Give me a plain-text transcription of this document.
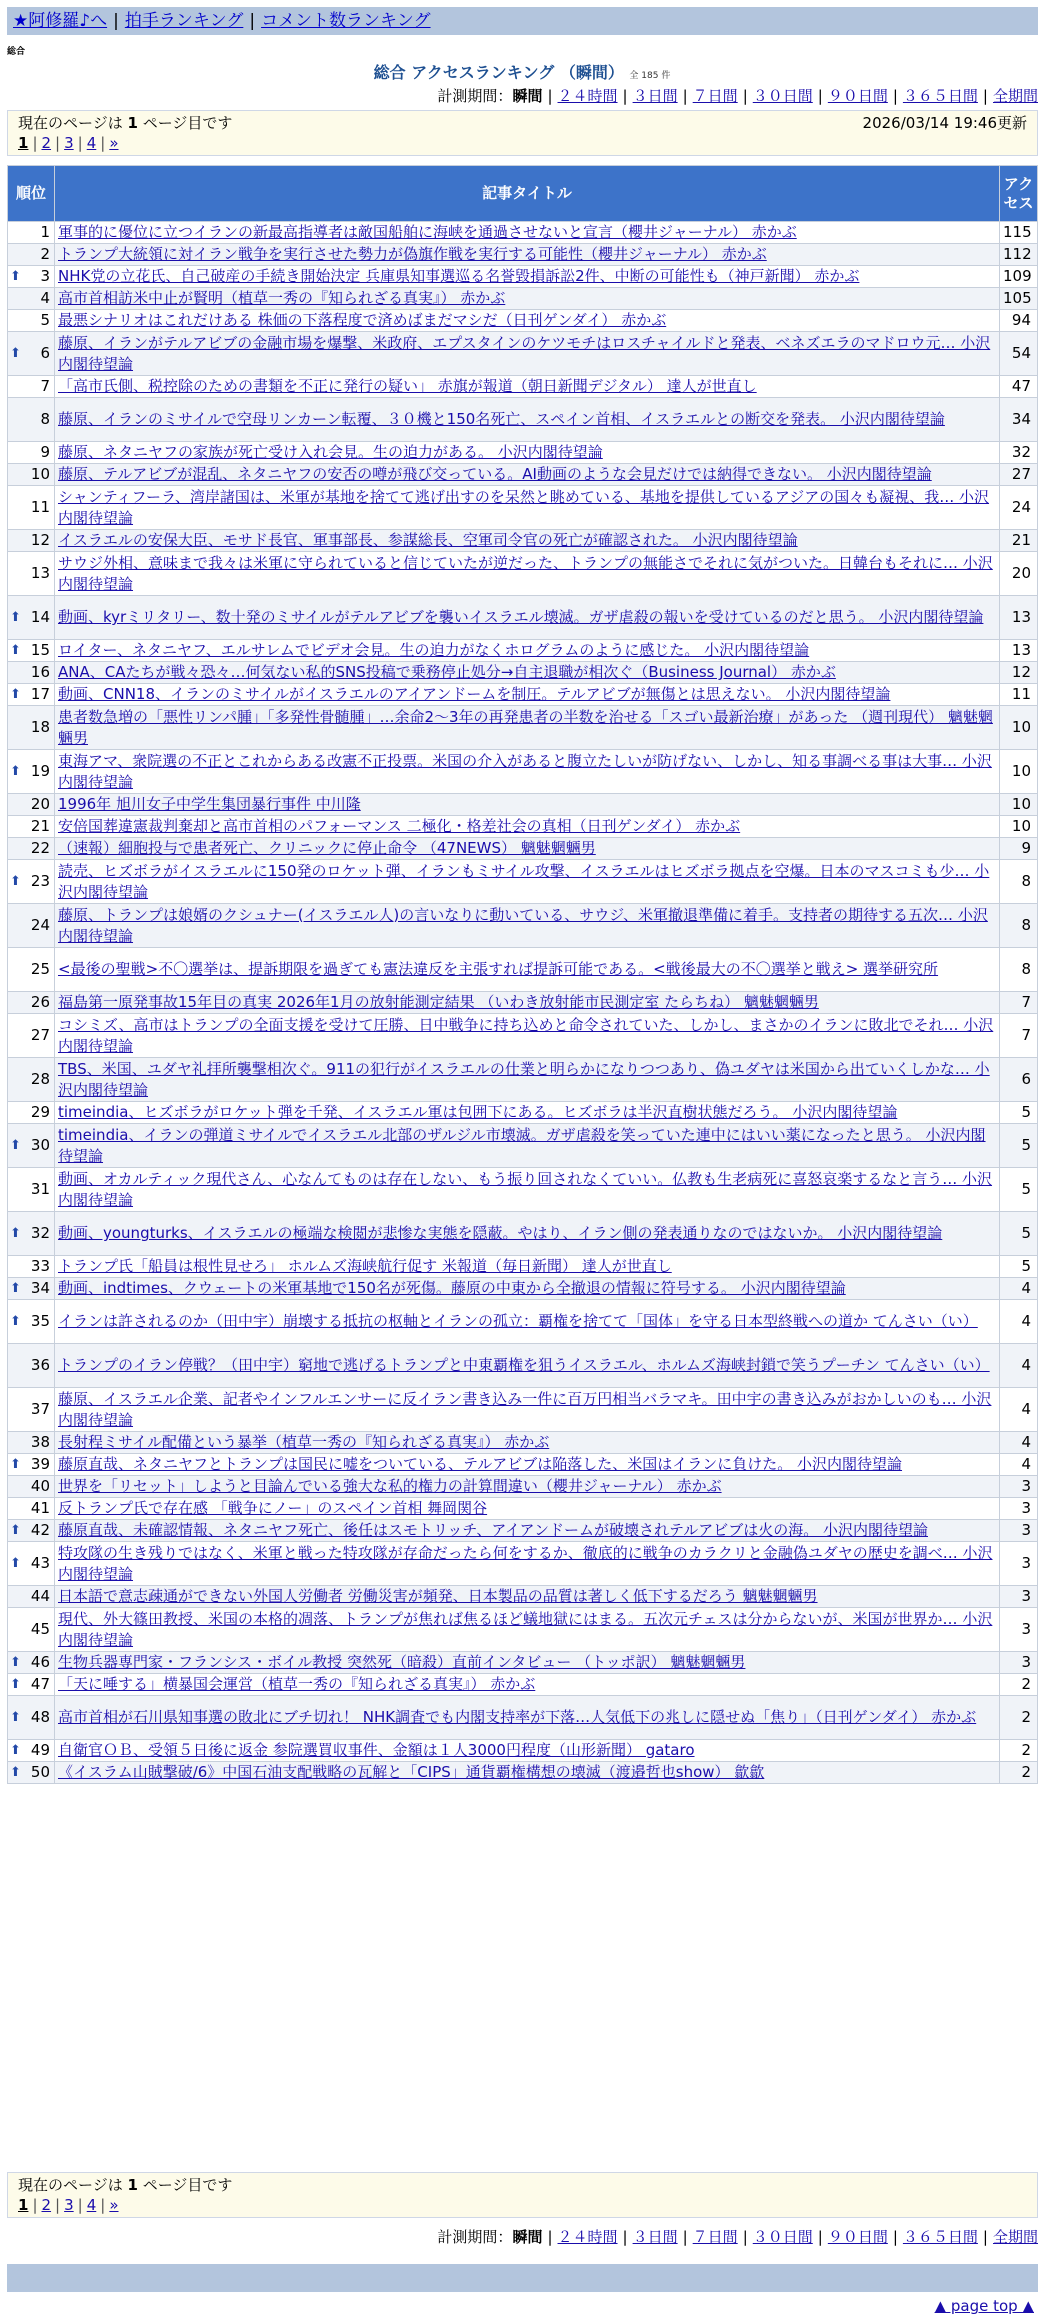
★阿修羅♪へ | 拍手ランキング | コメント数ランキング
総合
総合 アクセスランキング （瞬間） 全 185 件
計測期間：瞬間 | ２４時間 | ３日間 | ７日間 | ３０日間 | ９０日間 | ３６５日間 | 全期間
現在のページは 1 ページ目です	2026/03/14 19:46更新
1 | 2 | 3 | 4 | »
順位	記事タイトル	アクセス
1	軍事的に優位に立つイランの新最高指導者は敵国船舶に海峡を通過させないと宣言（櫻井ジャーナル） 赤かぶ	115
2	トランプ大統領に対イラン戦争を実行させた勢力が偽旗作戦を実行する可能性（櫻井ジャーナル） 赤かぶ	112

⬆ 3	NHK党の立花氏、自己破産の手続き開始決定 兵庫県知事選巡る名誉毀損訴訟2件、中断の可能性も（神戸新聞） 赤かぶ	109
4	高市首相訪米中止が賢明（植草一秀の『知られざる真実』） 赤かぶ	105
5	最悪シナリオはこれだけある 株価の下落程度で済めばまだマシだ（日刊ゲンダイ） 赤かぶ	94

⬆ 6	藤原、イランがテルアビブの金融市場を爆撃、米政府、エプスタインのケツモチはロスチャイルドと発表、ベネズエラのマドロウ元… 小沢内閣待望論	54
7	「高市氏側、税控除のための書類を不正に発行の疑い」 赤旗が報道（朝日新聞デジタル） 達人が世直し	47
8	藤原、イランのミサイルで空母リンカーン転覆、３０機と150名死亡、スペイン首相、イスラエルとの断交を発表。 小沢内閣待望論	34
9	藤原、ネタニヤフの家族が死亡受け入れ会見。生の迫力がある。 小沢内閣待望論	32
10	藤原、テルアビブが混乱、ネタニヤフの安否の噂が飛び交っている。AI動画のような会見だけでは納得できない。 小沢内閣待望論	27
11	シャンティフーラ、湾岸諸国は、米軍が基地を捨てて逃げ出すのを呆然と眺めている、基地を提供しているアジアの国々も凝視、我… 小沢内閣待望論	24
12	イスラエルの安保大臣、モサド長官、軍事部長、参謀総長、空軍司令官の死亡が確認された。 小沢内閣待望論	21
13	サウジ外相、意味まで我々は米軍に守られていると信じていたが逆だった、トランプの無能さでそれに気がついた。日韓台もそれに… 小沢内閣待望論	20

⬆ 14	動画、kyrミリタリー、数十発のミサイルがテルアビブを襲いイスラエル壊滅。ガザ虐殺の報いを受けているのだと思う。 小沢内閣待望論	13

⬆ 15	ロイター、ネタニヤフ、エルサレムでビデオ会見。生の迫力がなくホログラムのように感じた。 小沢内閣待望論	13
16	ANA、CAたちが戦々恐々…何気ない私的SNS投稿で乗務停止処分→自主退職が相次ぐ（Business Journal） 赤かぶ	12

⬆ 17	動画、CNN18、イランのミサイルがイスラエルのアイアンドームを制圧。テルアビブが無傷とは思えない。 小沢内閣待望論	11
18	患者数急増の「悪性リンパ腫」「多発性骨髄腫」…余命2〜3年の再発患者の半数を治せる「スゴい最新治療」があった （週刊現代） 魑魅魍魎男	10

⬆ 19	東海アマ、衆院選の不正とこれからある改憲不正投票。米国の介入があると腹立たしいが防げない、しかし、知る事調べる事は大事… 小沢内閣待望論	10
20	1996年 旭川女子中学生集団暴行事件 中川隆	10
21	安倍国葬違憲裁判棄却と高市首相のパフォーマンス 二極化・格差社会の真相（日刊ゲンダイ） 赤かぶ	10
22	（速報）細胞投与で患者死亡、クリニックに停止命令 （47NEWS） 魑魅魍魎男	9

⬆ 23	読売、ヒズボラがイスラエルに150発のロケット弾、イランもミサイル攻撃、イスラエルはヒズボラ拠点を空爆。日本のマスコミも少… 小沢内閣待望論	8
24	藤原、トランプは娘婿のクシュナー(イスラエル人)の言いなりに動いている、サウジ、米軍撤退準備に着手。支持者の期待する五次… 小沢内閣待望論	8
25	<最後の聖戦>不〇選挙は、提訴期限を過ぎても憲法違反を主張すれば提訴可能である。<戦後最大の不〇選挙と戦え> 選挙研究所	8
26	福島第一原発事故15年目の真実 2026年1月の放射能測定結果 （いわき放射能市民測定室 たらちね） 魑魅魍魎男	7
27	コシミズ、高市はトランプの全面支援を受けて圧勝、日中戦争に持ち込めと命令されていた、しかし、まさかのイランに敗北でそれ… 小沢内閣待望論	7
28	TBS、米国、ユダヤ礼拝所襲撃相次ぐ。911の犯行がイスラエルの仕業と明らかになりつつあり、偽ユダヤは米国から出ていくしかな… 小沢内閣待望論	6
29	timeindia、ヒズボラがロケット弾を千発、イスラエル軍は包囲下にある。ヒズボラは半沢直樹状態だろう。 小沢内閣待望論	5

⬆ 30	timeindia、イランの弾道ミサイルでイスラエル北部のザルジル市壊滅。ガザ虐殺を笑っていた連中にはいい薬になったと思う。 小沢内閣待望論	5
31	動画、オカルティック現代さん、心なんてものは存在しない、もう振り回されなくていい。仏教も生老病死に喜怒哀楽するなと言う… 小沢内閣待望論	5

⬆ 32	動画、youngturks、イスラエルの極端な検閲が悲惨な実態を隠蔽。やはり、イラン側の発表通りなのではないか。 小沢内閣待望論	5
33	トランプ氏「船員は根性見せろ」 ホルムズ海峡航行促す 米報道（毎日新聞） 達人が世直し	5

⬆ 34	動画、indtimes、クウェートの米軍基地で150名が死傷。藤原の中東から全撤退の情報に符号する。 小沢内閣待望論	4

⬆ 35	イランは許されるのか（田中宇）崩壊する抵抗の枢軸とイランの孤立：覇権を捨てて「国体」を守る日本型終戦への道か てんさい（い）	4
36	トランプのイラン停戦？（田中宇）窮地で逃げるトランプと中東覇権を狙うイスラエル、ホルムズ海峡封鎖で笑うプーチン てんさい（い）	4
37	藤原、イスラエル企業、記者やインフルエンサーに反イラン書き込み一件に百万円相当バラマキ。田中宇の書き込みがおかしいのも… 小沢内閣待望論	4
38	長射程ミサイル配備という暴挙（植草一秀の『知られざる真実』） 赤かぶ	4

⬆ 39	藤原直哉、ネタニヤフとトランプは国民に嘘をついている、テルアビブは陥落した、米国はイランに負けた。 小沢内閣待望論	4
40	世界を「リセット」しようと目論んでいる強大な私的権力の計算間違い（櫻井ジャーナル） 赤かぶ	3
41	反トランプ氏で存在感 「戦争にノー」のスペイン首相 舞岡関谷	3

⬆ 42	藤原直哉、未確認情報、ネタニヤフ死亡、後任はスモトリッチ、アイアンドームが破壊されテルアビブは火の海。 小沢内閣待望論	3

⬆ 43	特攻隊の生き残りではなく、米軍と戦った特攻隊が存命だったら何をするか、徹底的に戦争のカラクリと金融偽ユダヤの歴史を調べ… 小沢内閣待望論	3
44	日本語で意志疎通ができない外国人労働者 労働災害が頻発、日本製品の品質は著しく低下するだろう 魑魅魍魎男	3
45	現代、外大篠田教授、米国の本格的凋落、トランプが焦れば焦るほど蟻地獄にはまる。五次元チェスは分からないが、米国が世界か… 小沢内閣待望論	3

⬆ 46	生物兵器専門家・フランシス・ボイル教授 突然死（暗殺）直前インタビュー （トッポ訳） 魑魅魍魎男	3

⬆ 47	「天に唾する」横暴国会運営（植草一秀の『知られざる真実』） 赤かぶ	2

⬆ 48	高市首相が石川県知事選の敗北にブチ切れ！ NHK調査でも内閣支持率が下落…人気低下の兆しに隠せぬ「焦り」（日刊ゲンダイ） 赤かぶ	2

⬆ 49	自衛官ＯＢ、受領５日後に返金 参院選買収事件、金額は１人3000円程度（山形新聞） gataro	2

⬆ 50	《イスラム山賊撃破/6》中国石油支配戦略の瓦解と「CIPS」通貨覇権構想の壊滅（渡邉哲也show） 歙歙	2
現在のページは 1 ページ目です
1 | 2 | 3 | 4 | »
計測期間：瞬間 | ２４時間 | ３日間 | ７日間 | ３０日間 | ９０日間 | ３６５日間 | 全期間
▲ page top ▲
